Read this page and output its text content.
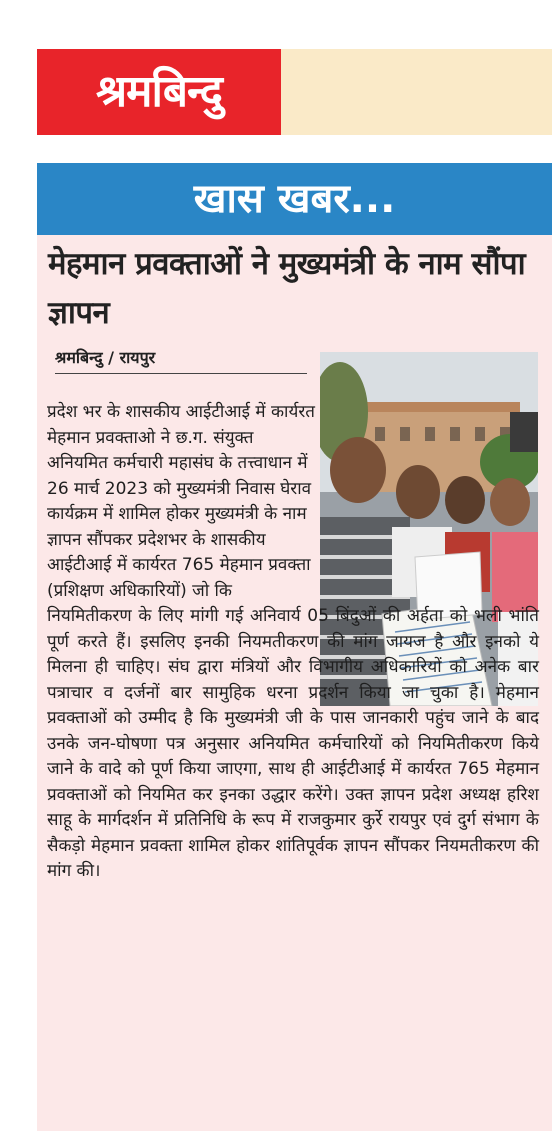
श्रमबिन्दु
खास खबर...
मेहमान प्रवक्ताओं ने मुख्यमंत्री के नाम सौंपा ज्ञापन
श्रमबिन्दु / रायपुर
प्रदेश भर के शासकीय आईटीआई में कार्यरत मेहमान प्रवक्ताओ ने छ.ग. संयुक्त अनियमित कर्मचारी महासंघ के तत्त्वाधान में 26 मार्च 2023 को मुख्यमंत्री निवास घेराव कार्यक्रम में शामिल होकर मुख्यमंत्री के नाम ज्ञापन सौंपकर प्रदेशभर के शासकीय आईटीआई में कार्यरत 765 मेहमान प्रवक्ता (प्रशिक्षण अधिकारियों) जो कि
नियमितीकरण के लिए मांगी गई अनिवार्य 05 बिंदुओं की अर्हता को भली भांति पूर्ण करते हैं। इसलिए इनकी नियमतीकरण की मांग जायज है और इनको ये मिलना ही चाहिए। संघ द्वारा मंत्रियों और विभागीय अधिकारियों को अनेक बार पत्राचार व दर्जनों बार सामुहिक धरना प्रदर्शन किया जा चुका है। मेहमान प्रवक्ताओं को उम्मीद है कि मुख्यमंत्री जी के पास जानकारी पहुंच जाने के बाद उनके जन-घोषणा पत्र अनुसार अनियमित कर्मचारियों को नियमितीकरण किये जाने के वादे को पूर्ण किया जाएगा, साथ ही आईटीआई में कार्यरत 765 मेहमान प्रवक्ताओं को नियमित कर इनका उद्धार करेंगे। उक्त ज्ञापन प्रदेश अध्यक्ष हरिश साहू के मार्गदर्शन में प्रतिनिधि के रूप में राजकुमार कुर्रे रायपुर एवं दुर्ग संभाग के सैकड़ो मेहमान प्रवक्ता शामिल होकर शांतिपूर्वक ज्ञापन सौंपकर नियमतीकरण की मांग की।
